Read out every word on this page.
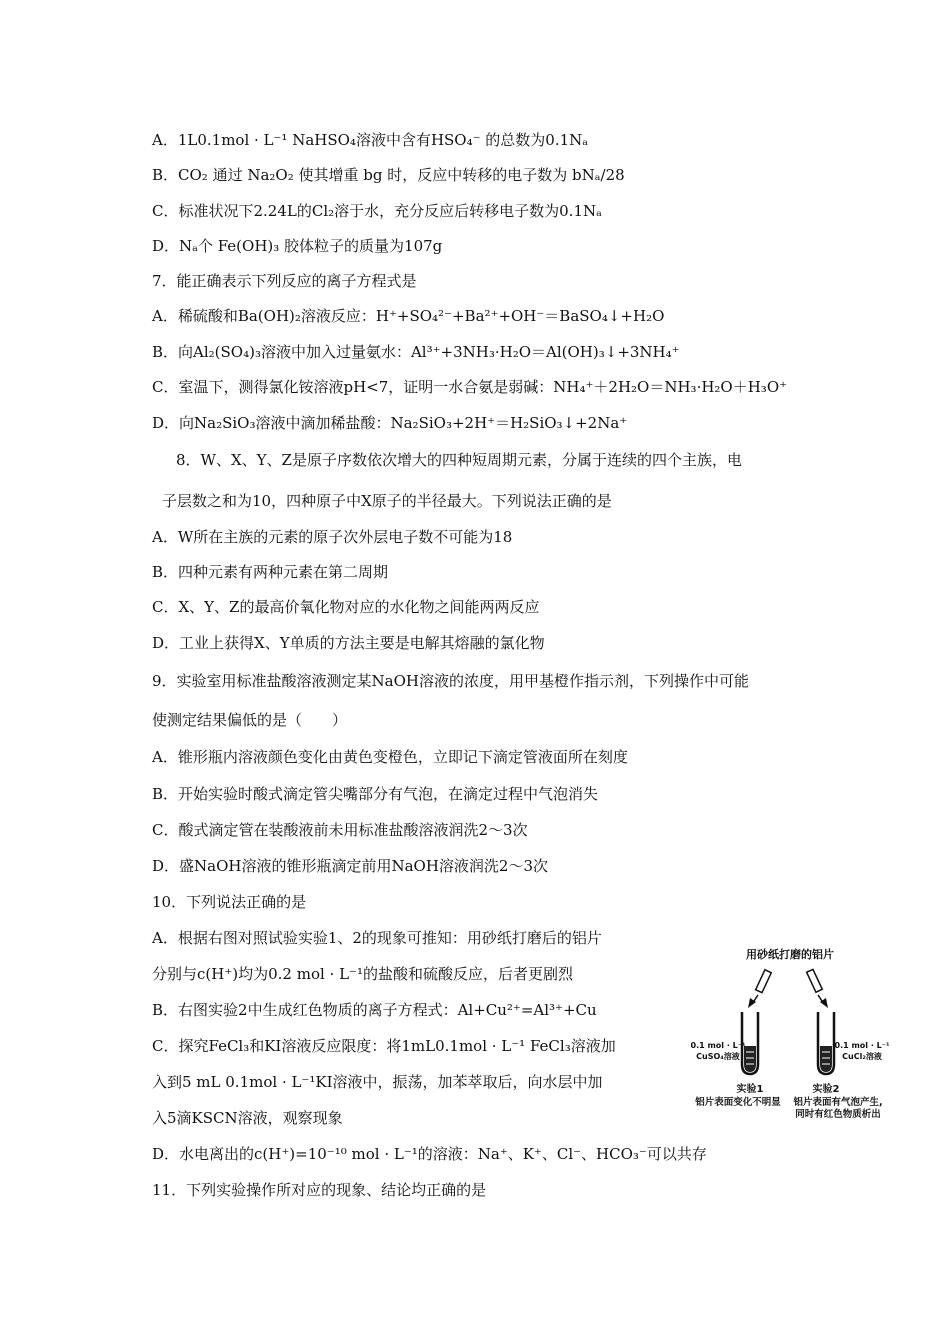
A．1L0.1mol · L⁻¹ NaHSO₄溶液中含有HSO₄⁻ 的总数为0.1Nₐ
B．CO₂ 通过 Na₂O₂ 使其增重 bg 时，反应中转移的电子数为 bNₐ/28
C．标准状况下2.24L的Cl₂溶于水，充分反应后转移电子数为0.1Nₐ
D．Nₐ个 Fe(OH)₃ 胶体粒子的质量为107g
7．能正确表示下列反应的离子方程式是
A．稀硫酸和Ba(OH)₂溶液反应：H⁺+SO₄²⁻+Ba²⁺+OH⁻＝BaSO₄↓+H₂O
B．向Al₂(SO₄)₃溶液中加入过量氨水：Al³⁺+3NH₃·H₂O＝Al(OH)₃↓+3NH₄⁺
C．室温下，测得氯化铵溶液pH<7，证明一水合氨是弱碱：NH₄⁺＋2H₂O＝NH₃·H₂O＋H₃O⁺
D．向Na₂SiO₃溶液中滴加稀盐酸：Na₂SiO₃+2H⁺＝H₂SiO₃↓+2Na⁺
8．W、X、Y、Z是原子序数依次增大的四种短周期元素，分属于连续的四个主族，电
子层数之和为10，四种原子中X原子的半径最大。下列说法正确的是
A．W所在主族的元素的原子次外层电子数不可能为18
B．四种元素有两种元素在第二周期
C．X、Y、Z的最高价氧化物对应的水化物之间能两两反应
D．工业上获得X、Y单质的方法主要是电解其熔融的氯化物
9．实验室用标准盐酸溶液测定某NaOH溶液的浓度，用甲基橙作指示剂，下列操作中可能
使测定结果偏低的是（　　）
A．锥形瓶内溶液颜色变化由黄色变橙色，立即记下滴定管液面所在刻度
B．开始实验时酸式滴定管尖嘴部分有气泡，在滴定过程中气泡消失
C．酸式滴定管在装酸液前未用标准盐酸溶液润洗2～3次
D．盛NaOH溶液的锥形瓶滴定前用NaOH溶液润洗2～3次
10．下列说法正确的是
A．根据右图对照试验实验1、2的现象可推知：用砂纸打磨后的铝片
分别与c(H⁺)均为0.2 mol · L⁻¹的盐酸和硫酸反应，后者更剧烈
B．右图实验2中生成红色物质的离子方程式：Al+Cu²⁺=Al³⁺+Cu
C．探究FeCl₃和KI溶液反应限度：将1mL0.1mol · L⁻¹ FeCl₃溶液加
入到5 mL 0.1mol · L⁻¹KI溶液中，振荡，加苯萃取后，向水层中加
入5滴KSCN溶液，观察现象
D．水电离出的c(H⁺)=10⁻¹⁰ mol · L⁻¹的溶液：Na⁺、K⁺、Cl⁻、HCO₃⁻可以共存
11．下列实验操作所对应的现象、结论均正确的是
用砂纸打磨的铝片
0.1 mol · L⁻¹
CuSO₄溶液
0.1 mol · L⁻¹
CuCl₂溶液
实验1
铝片表面变化不明显
实验2
铝片表面有气泡产生,
同时有红色物质析出
